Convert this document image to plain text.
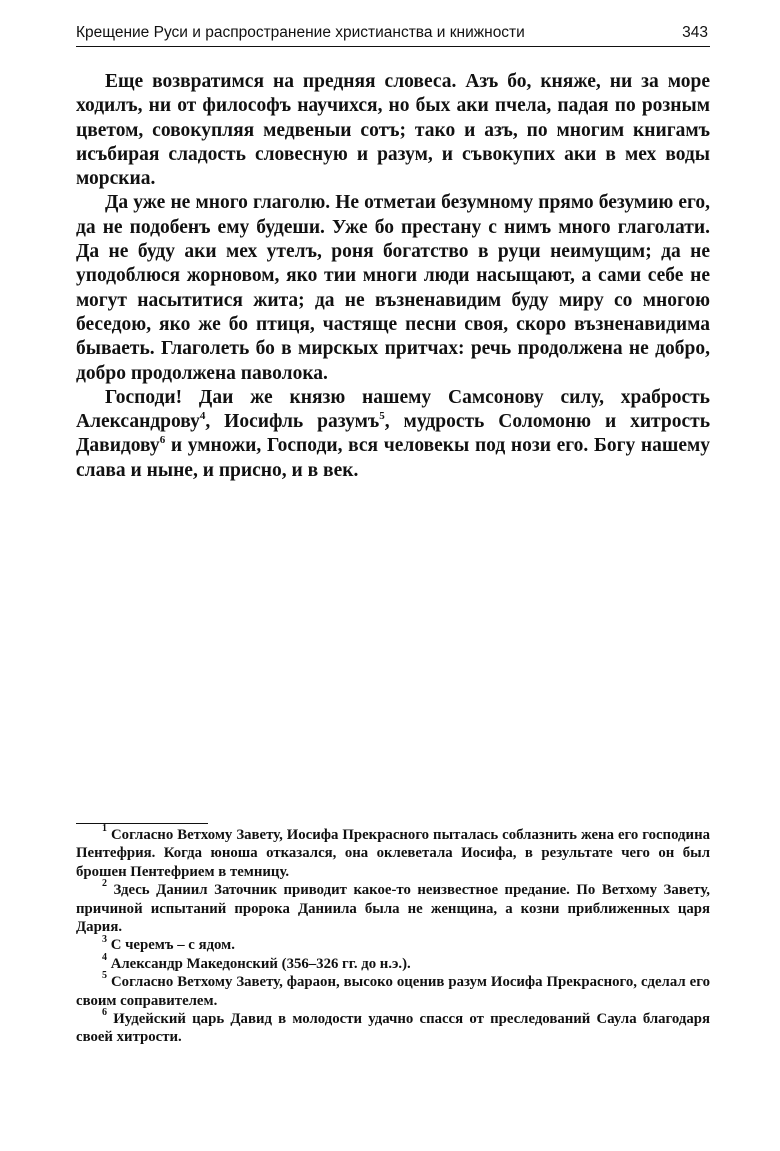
Крещение Руси и распространение христианства и книжности	343

Еще возвратимся на предняя словеса. Азъ бо, княже, ни за море ходилъ, ни от философъ научихся, но бых аки пчела, падая по розным цветом, совокупляя медвеныи сотъ; тако и азъ, по многим книгамъ исъбирая сладость словесную и разум, и съвокупих аки в мех воды морскиа.

Да уже не много глаголю. Не отметаи безумному прямо безумию его, да не подобенъ ему будеши. Уже бо престану с нимъ много глаголати. Да не буду аки мех утелъ, роня богатство в руци неимущим; да не уподоблюся жорновом, яко тии многи люди насыщают, а сами себе не могут насытитися жита; да не възненавидим буду миру со многою беседою, яко же бо птиця, частяще песни своя, скоро възненавидима бываеть. Глаголеть бо в мирскых притчах: речь продолжена не добро, добро продолжена паволока.

Господи! Даи же князю нашему Самсонову силу, храбрость Александрову$^4$, Иосифль разумъ$^5$, мудрость Соломоню и хитрость Давидову$^6$ и умножи, Господи, вся человекы под нози его. Богу нашему слава и ныне, и присно, и в век.

$^1$ Согласно Ветхому Завету, Иосифа Прекрасного пыталась соблазнить жена его господина Пентефрия. Когда юноша отказался, она оклеветала Иосифа, в результате чего он был брошен Пентефрием в темницу.

$^2$ Здесь Даниил Заточник приводит какое-то неизвестное предание. По Ветхому Завету, причиной испытаний пророка Даниила была не женщина, а козни приближенных царя Дария.

$^3$ С черемъ – с ядом.

$^4$ Александр Македонский (356–326 гг. до н.э.).

$^5$ Согласно Ветхому Завету, фараон, высоко оценив разум Иосифа Прекрасного, сделал его своим соправителем.

$^6$ Иудейский царь Давид в молодости удачно спасся от преследований Саула благодаря своей хитрости.
